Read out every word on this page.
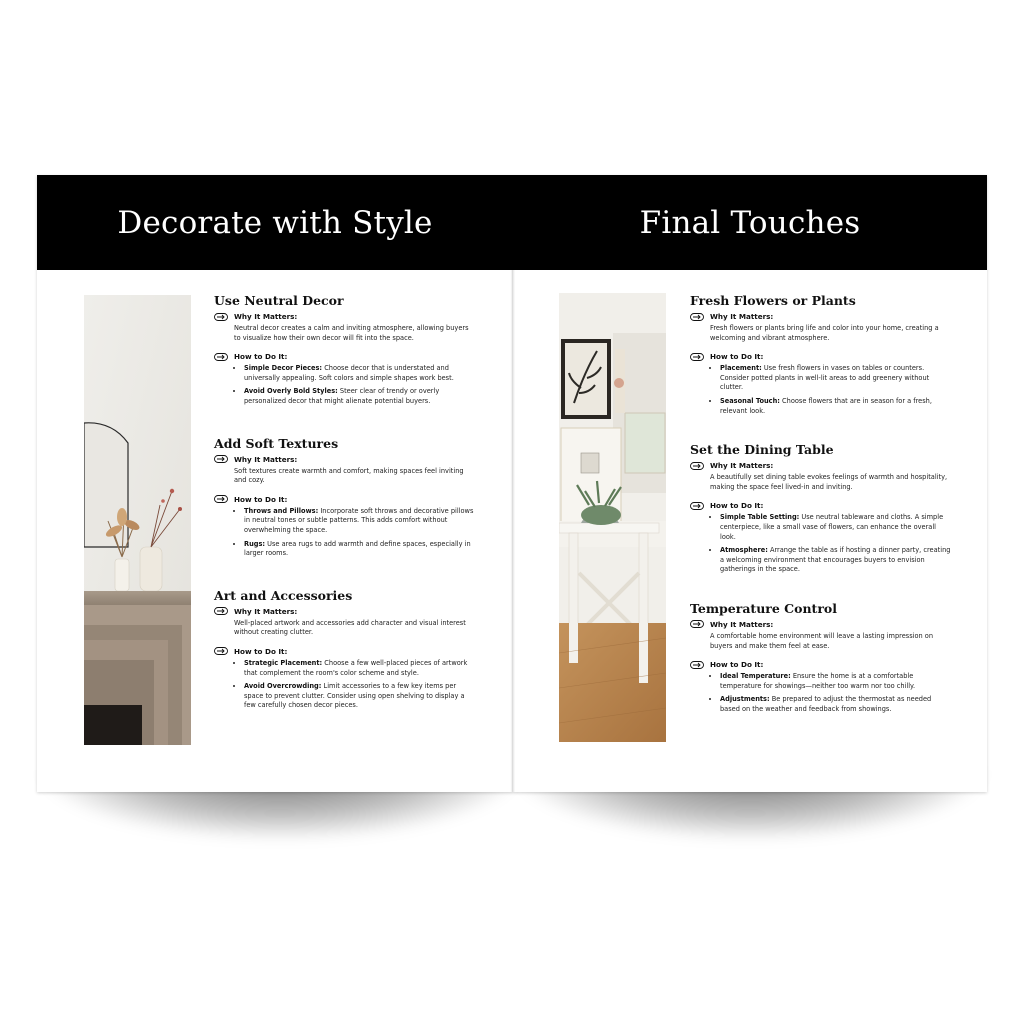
Decorate with Style
Use Neutral Decor
Why It Matters:
Neutral decor creates a calm and inviting atmosphere, allowing buyers to visualize how their own decor will fit into the space.
How to Do It:
• Simple Decor Pieces: Choose decor that is understated and universally appealing. Soft colors and simple shapes work best.
• Avoid Overly Bold Styles: Steer clear of trendy or overly personalized decor that might alienate potential buyers.
Add Soft Textures
Why It Matters:
Soft textures create warmth and comfort, making spaces feel inviting and cozy.
How to Do It:
• Throws and Pillows: Incorporate soft throws and decorative pillows in neutral tones or subtle patterns. This adds comfort without overwhelming the space.
• Rugs: Use area rugs to add warmth and define spaces, especially in larger rooms.
Art and Accessories
Why It Matters:
Well-placed artwork and accessories add character and visual interest without creating clutter.
How to Do It:
• Strategic Placement: Choose a few well-placed pieces of artwork that complement the room's color scheme and style.
• Avoid Overcrowding: Limit accessories to a few key items per space to prevent clutter. Consider using open shelving to display a few carefully chosen decor pieces.
Final Touches
Fresh Flowers or Plants
Why It Matters:
Fresh flowers or plants bring life and color into your home, creating a welcoming and vibrant atmosphere.
How to Do It:
• Placement: Use fresh flowers in vases on tables or counters. Consider potted plants in well-lit areas to add greenery without clutter.
• Seasonal Touch: Choose flowers that are in season for a fresh, relevant look.
Set the Dining Table
Why It Matters:
A beautifully set dining table evokes feelings of warmth and hospitality, making the space feel lived-in and inviting.
How to Do It:
• Simple Table Setting: Use neutral tableware and cloths. A simple centerpiece, like a small vase of flowers, can enhance the overall look.
• Atmosphere: Arrange the table as if hosting a dinner party, creating a welcoming environment that encourages buyers to envision gatherings in the space.
Temperature Control
Why It Matters:
A comfortable home environment will leave a lasting impression on buyers and make them feel at ease.
How to Do It:
• Ideal Temperature: Ensure the home is at a comfortable temperature for showings—neither too warm nor too chilly.
• Adjustments: Be prepared to adjust the thermostat as needed based on the weather and feedback from showings.
